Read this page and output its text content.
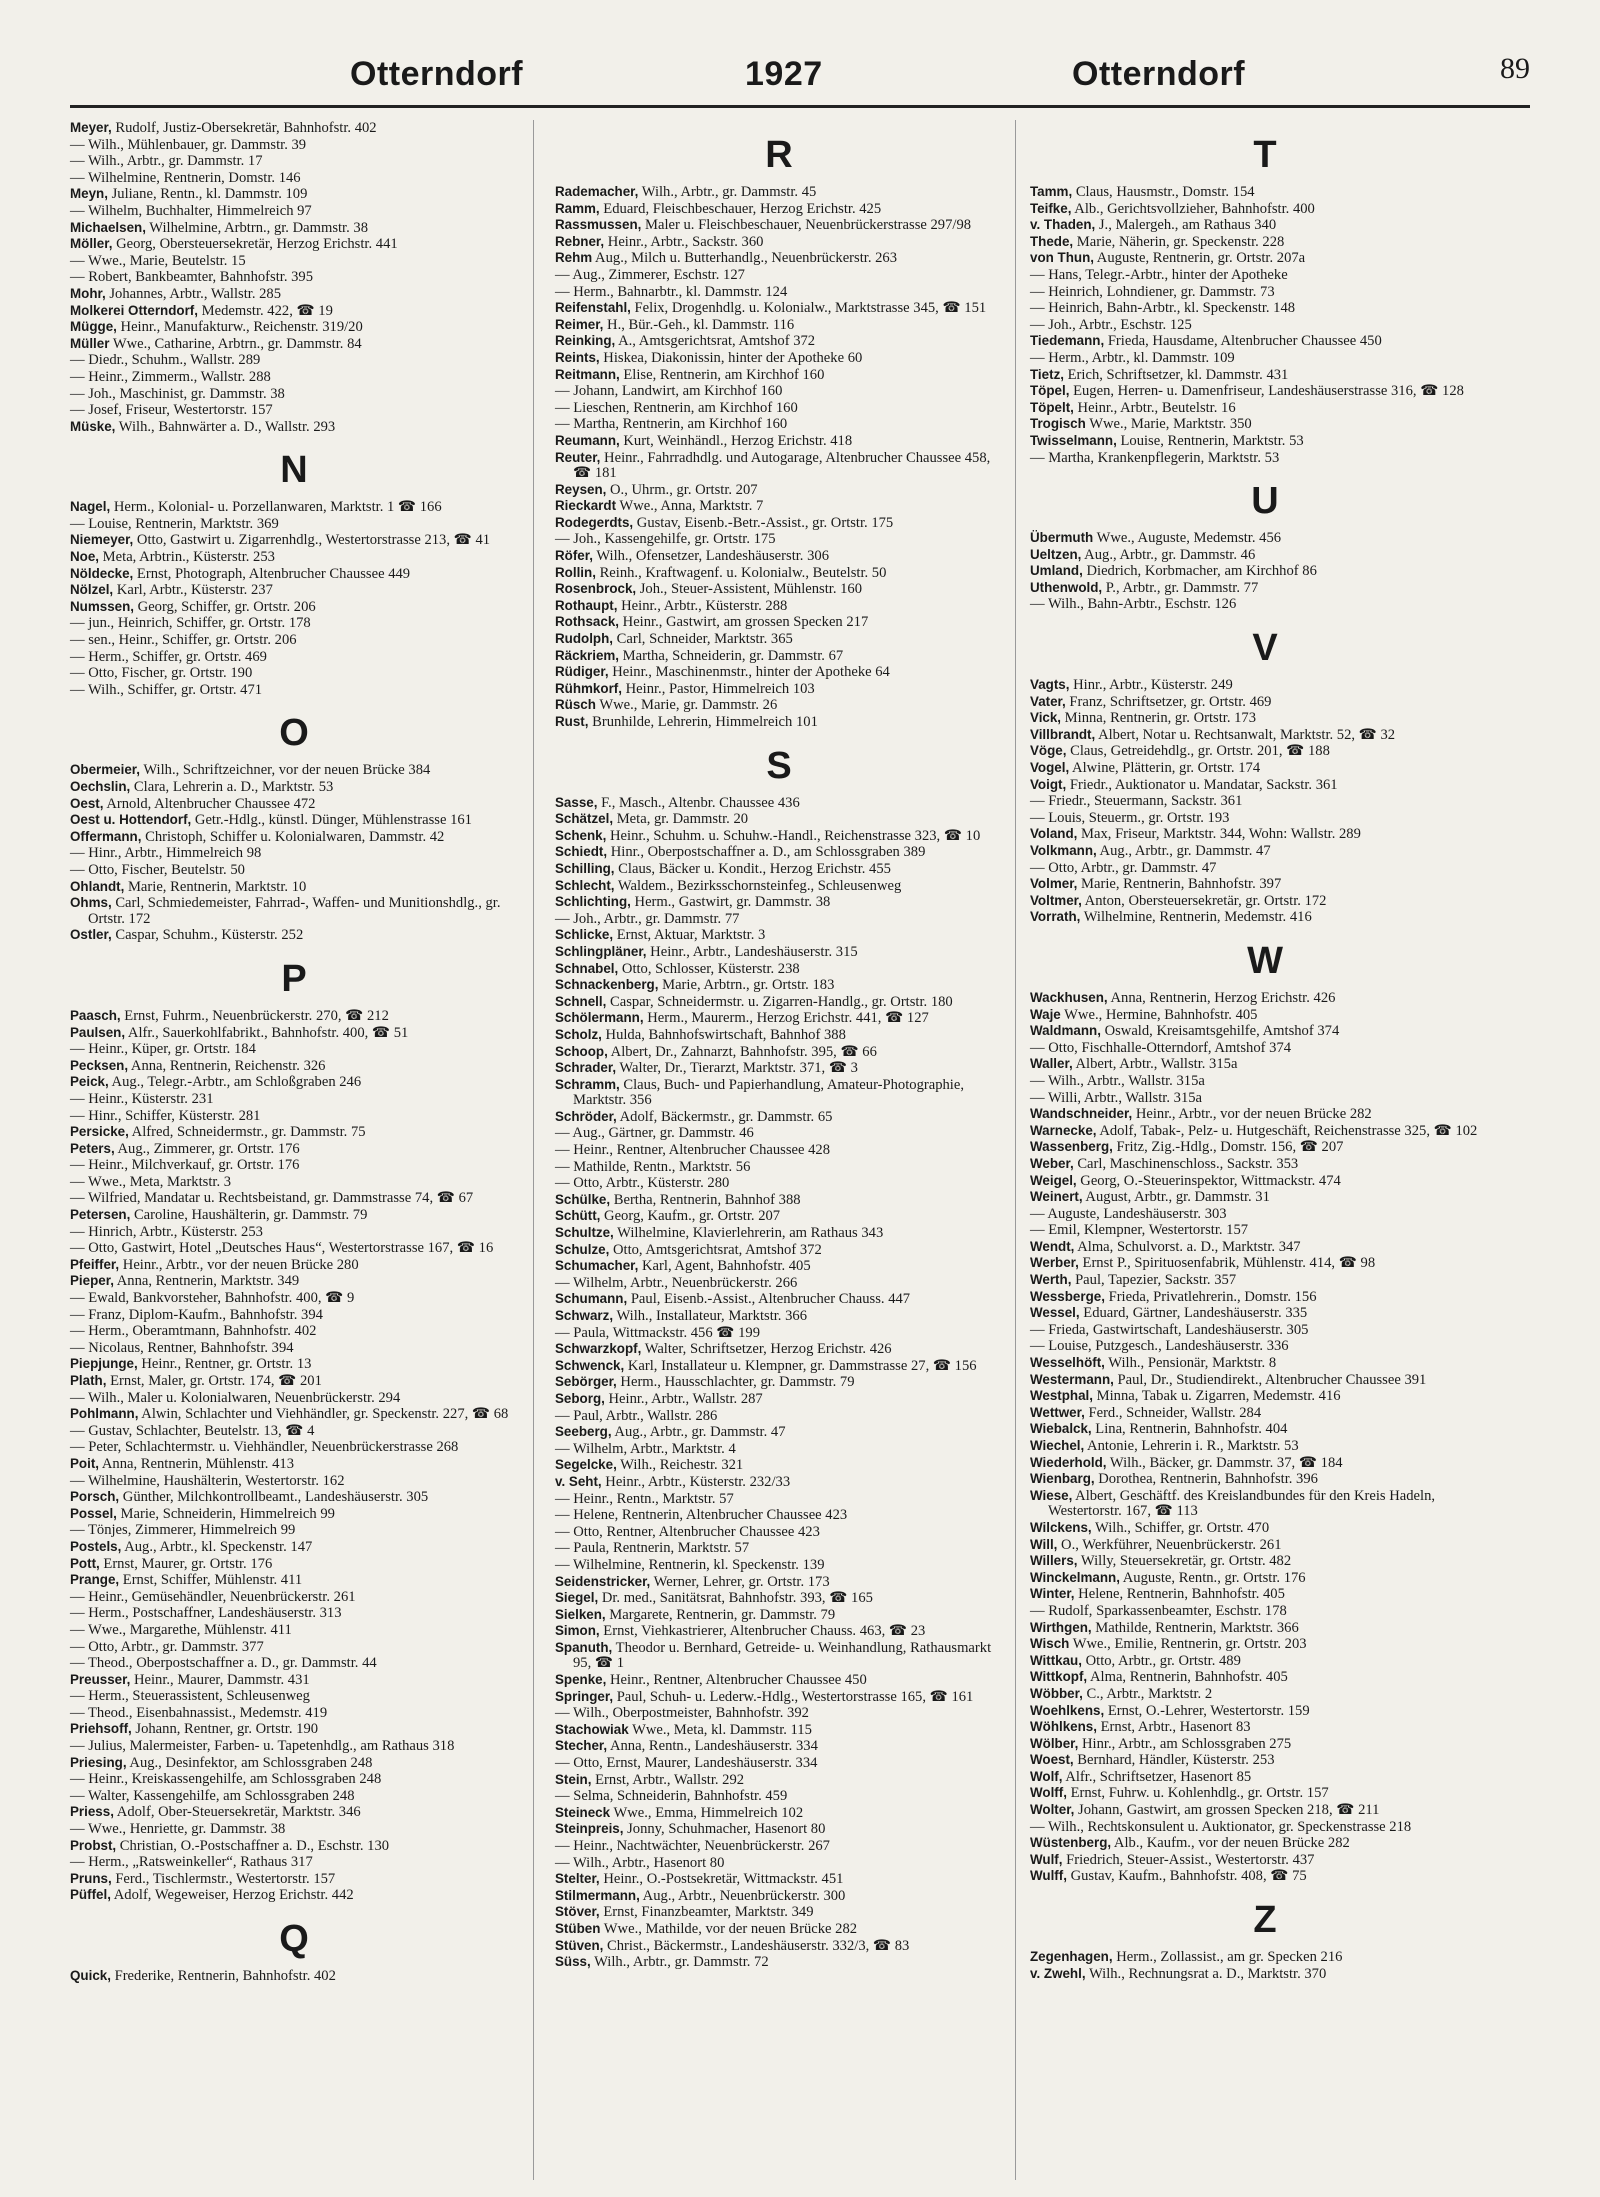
Otterndorf	1927	Otterndorf	89
Meyer, Rudolf, Justiz-Obersekretär, Bahnhofstr. 402
— Wilh., Mühlenbauer, gr. Dammstr. 39
— Wilh., Arbtr., gr. Dammstr. 17
— Wilhelmine, Rentnerin, Domstr. 146
Meyn, Juliane, Rentn., kl. Dammstr. 109
— Wilhelm, Buchhalter, Himmelreich 97
Michaelsen, Wilhelmine, Arbtrn., gr. Dammstr. 38
Möller, Georg, Obersteuersekretär, Herzog Erichstr. 441
— Wwe., Marie, Beutelstr. 15
— Robert, Bankbeamter, Bahnhofstr. 395
Mohr, Johannes, Arbtr., Wallstr. 285
Molkerei Otterndorf, Medemstr. 422, ☎ 19
Mügge, Heinr., Manufakturw., Reichenstr. 319/20
Müller Wwe., Catharine, Arbtrn., gr. Dammstr. 84
— Diedr., Schuhm., Wallstr. 289
— Heinr., Zimmerm., Wallstr. 288
— Joh., Maschinist, gr. Dammstr. 38
— Josef, Friseur, Westertorstr. 157
Müske, Wilh., Bahnwärter a. D., Wallstr. 293
N
Nagel, Herm., Kolonial- u. Porzellanwaren, Marktstr. 1 ☎ 166
— Louise, Rentnerin, Marktstr. 369
Niemeyer, Otto, Gastwirt u. Zigarrenhdlg., Westertorstrasse 213, ☎ 41
Noe, Meta, Arbtrin., Küsterstr. 253
Nöldecke, Ernst, Photograph, Altenbrucher Chaussee 449
Nölzel, Karl, Arbtr., Küsterstr. 237
Numssen, Georg, Schiffer, gr. Ortstr. 206
— jun., Heinrich, Schiffer, gr. Ortstr. 178
— sen., Heinr., Schiffer, gr. Ortstr. 206
— Herm., Schiffer, gr. Ortstr. 469
— Otto, Fischer, gr. Ortstr. 190
— Wilh., Schiffer, gr. Ortstr. 471
O
Obermeier, Wilh., Schriftzeichner, vor der neuen Brücke 384
Oechslin, Clara, Lehrerin a. D., Marktstr. 53
Oest, Arnold, Altenbrucher Chaussee 472
Oest u. Hottendorf, Getr.-Hdlg., künstl. Dünger, Mühlenstrasse 161
Offermann, Christoph, Schiffer u. Kolonialwaren, Dammstr. 42
— Hinr., Arbtr., Himmelreich 98
— Otto, Fischer, Beutelstr. 50
Ohlandt, Marie, Rentnerin, Marktstr. 10
Ohms, Carl, Schmiedemeister, Fahrrad-, Waffen- und Munitionshdlg., gr. Ortstr. 172
Ostler, Caspar, Schuhm., Küsterstr. 252
P
Paasch, Ernst, Fuhrm., Neuenbrückerstr. 270, ☎ 212
Paulsen, Alfr., Sauerkohlfabrikt., Bahnhofstr. 400, ☎ 51
— Heinr., Küper, gr. Ortstr. 184
Pecksen, Anna, Rentnerin, Reichenstr. 326
Peick, Aug., Telegr.-Arbtr., am Schloßgraben 246
— Heinr., Küsterstr. 231
— Hinr., Schiffer, Küsterstr. 281
Persicke, Alfred, Schneidermstr., gr. Dammstr. 75
Peters, Aug., Zimmerer, gr. Ortstr. 176
— Heinr., Milchverkauf, gr. Ortstr. 176
— Wwe., Meta, Marktstr. 3
— Wilfried, Mandatar u. Rechtsbeistand, gr. Dammstrasse 74, ☎ 67
Petersen, Caroline, Haushälterin, gr. Dammstr. 79
— Hinrich, Arbtr., Küsterstr. 253
— Otto, Gastwirt, Hotel „Deutsches Haus“, Westertorstrasse 167, ☎ 16
Pfeiffer, Heinr., Arbtr., vor der neuen Brücke 280
Pieper, Anna, Rentnerin, Marktstr. 349
— Ewald, Bankvorsteher, Bahnhofstr. 400, ☎ 9
— Franz, Diplom-Kaufm., Bahnhofstr. 394
— Herm., Oberamtmann, Bahnhofstr. 402
— Nicolaus, Rentner, Bahnhofstr. 394
Piepjunge, Heinr., Rentner, gr. Ortstr. 13
Plath, Ernst, Maler, gr. Ortstr. 174, ☎ 201
— Wilh., Maler u. Kolonialwaren, Neuenbrückerstr. 294
Pohlmann, Alwin, Schlachter und Viehhändler, gr. Speckenstr. 227, ☎ 68
— Gustav, Schlachter, Beutelstr. 13, ☎ 4
— Peter, Schlachtermstr. u. Viehhändler, Neuenbrückerstrasse 268
Poit, Anna, Rentnerin, Mühlenstr. 413
— Wilhelmine, Haushälterin, Westertorstr. 162
Porsch, Günther, Milchkontrollbeamt., Landeshäuserstr. 305
Possel, Marie, Schneiderin, Himmelreich 99
— Tönjes, Zimmerer, Himmelreich 99
Postels, Aug., Arbtr., kl. Speckenstr. 147
Pott, Ernst, Maurer, gr. Ortstr. 176
Prange, Ernst, Schiffer, Mühlenstr. 411
— Heinr., Gemüsehändler, Neuenbrückerstr. 261
— Herm., Postschaffner, Landeshäuserstr. 313
— Wwe., Margarethe, Mühlenstr. 411
— Otto, Arbtr., gr. Dammstr. 377
— Theod., Oberpostschaffner a. D., gr. Dammstr. 44
Preusser, Heinr., Maurer, Dammstr. 431
— Herm., Steuerassistent, Schleusenweg
— Theod., Eisenbahnassist., Medemstr. 419
Priehsoff, Johann, Rentner, gr. Ortstr. 190
— Julius, Malermeister, Farben- u. Tapetenhdlg., am Rathaus 318
Priesing, Aug., Desinfektor, am Schlossgraben 248
— Heinr., Kreiskassengehilfe, am Schlossgraben 248
— Walter, Kassengehilfe, am Schlossgraben 248
Priess, Adolf, Ober-Steuersekretär, Marktstr. 346
— Wwe., Henriette, gr. Dammstr. 38
Probst, Christian, O.-Postschaffner a. D., Eschstr. 130
— Herm., „Ratsweinkeller“, Rathaus 317
Pruns, Ferd., Tischlermstr., Westertorstr. 157
Püffel, Adolf, Wegeweiser, Herzog Erichstr. 442
Q
Quick, Frederike, Rentnerin, Bahnhofstr. 402
R
Rademacher, Wilh., Arbtr., gr. Dammstr. 45
Ramm, Eduard, Fleischbeschauer, Herzog Erichstr. 425
Rassmussen, Maler u. Fleischbeschauer, Neuenbrückerstrasse 297/98
Rebner, Heinr., Arbtr., Sackstr. 360
Rehm Aug., Milch u. Butterhandlg., Neuenbrückerstr. 263
— Aug., Zimmerer, Eschstr. 127
— Herm., Bahnarbtr., kl. Dammstr. 124
Reifenstahl, Felix, Drogenhdlg. u. Kolonialw., Marktstrasse 345, ☎ 151
Reimer, H., Bür.-Geh., kl. Dammstr. 116
Reinking, A., Amtsgerichtsrat, Amtshof 372
Reints, Hiskea, Diakonissin, hinter der Apotheke 60
Reitmann, Elise, Rentnerin, am Kirchhof 160
— Johann, Landwirt, am Kirchhof 160
— Lieschen, Rentnerin, am Kirchhof 160
— Martha, Rentnerin, am Kirchhof 160
Reumann, Kurt, Weinhändl., Herzog Erichstr. 418
Reuter, Heinr., Fahrradhdlg. und Autogarage, Altenbrucher Chaussee 458, ☎ 181
Reysen, O., Uhrm., gr. Ortstr. 207
Rieckardt Wwe., Anna, Marktstr. 7
Rodegerdts, Gustav, Eisenb.-Betr.-Assist., gr. Ortstr. 175
— Joh., Kassengehilfe, gr. Ortstr. 175
Röfer, Wilh., Ofensetzer, Landeshäuserstr. 306
Rollin, Reinh., Kraftwagenf. u. Kolonialw., Beutelstr. 50
Rosenbrock, Joh., Steuer-Assistent, Mühlenstr. 160
Rothaupt, Heinr., Arbtr., Küsterstr. 288
Rothsack, Heinr., Gastwirt, am grossen Specken 217
Rudolph, Carl, Schneider, Marktstr. 365
Räckriem, Martha, Schneiderin, gr. Dammstr. 67
Rüdiger, Heinr., Maschinenmstr., hinter der Apotheke 64
Rühmkorf, Heinr., Pastor, Himmelreich 103
Rüsch Wwe., Marie, gr. Dammstr. 26
Rust, Brunhilde, Lehrerin, Himmelreich 101
S
Sasse, F., Masch., Altenbr. Chaussee 436
Schätzel, Meta, gr. Dammstr. 20
Schenk, Heinr., Schuhm. u. Schuhw.-Handl., Reichenstrasse 323, ☎ 10
Schiedt, Hinr., Oberpostschaffner a. D., am Schlossgraben 389
Schilling, Claus, Bäcker u. Kondit., Herzog Erichstr. 455
Schlecht, Waldem., Bezirksschornsteinfeg., Schleusenweg
Schlichting, Herm., Gastwirt, gr. Dammstr. 38
— Joh., Arbtr., gr. Dammstr. 77
Schlicke, Ernst, Aktuar, Marktstr. 3
Schlingpläner, Heinr., Arbtr., Landeshäuserstr. 315
Schnabel, Otto, Schlosser, Küsterstr. 238
Schnackenberg, Marie, Arbtrn., gr. Ortstr. 183
Schnell, Caspar, Schneidermstr. u. Zigarren-Handlg., gr. Ortstr. 180
Schölermann, Herm., Maurerm., Herzog Erichstr. 441, ☎ 127
Scholz, Hulda, Bahnhofswirtschaft, Bahnhof 388
Schoop, Albert, Dr., Zahnarzt, Bahnhofstr. 395, ☎ 66
Schrader, Walter, Dr., Tierarzt, Marktstr. 371, ☎ 3
Schramm, Claus, Buch- und Papierhandlung, Amateur-Photographie, Marktstr. 356
Schröder, Adolf, Bäckermstr., gr. Dammstr. 65
— Aug., Gärtner, gr. Dammstr. 46
— Heinr., Rentner, Altenbrucher Chaussee 428
— Mathilde, Rentn., Marktstr. 56
— Otto, Arbtr., Küsterstr. 280
Schülke, Bertha, Rentnerin, Bahnhof 388
Schütt, Georg, Kaufm., gr. Ortstr. 207
Schultze, Wilhelmine, Klavierlehrerin, am Rathaus 343
Schulze, Otto, Amtsgerichtsrat, Amtshof 372
Schumacher, Karl, Agent, Bahnhofstr. 405
— Wilhelm, Arbtr., Neuenbrückerstr. 266
Schumann, Paul, Eisenb.-Assist., Altenbrucher Chauss. 447
Schwarz, Wilh., Installateur, Marktstr. 366
— Paula, Wittmackstr. 456 ☎ 199
Schwarzkopf, Walter, Schriftsetzer, Herzog Erichstr. 426
Schwenck, Karl, Installateur u. Klempner, gr. Dammstrasse 27, ☎ 156
Sebörger, Herm., Hausschlachter, gr. Dammstr. 79
Seborg, Heinr., Arbtr., Wallstr. 287
— Paul, Arbtr., Wallstr. 286
Seeberg, Aug., Arbtr., gr. Dammstr. 47
— Wilhelm, Arbtr., Marktstr. 4
Segelcke, Wilh., Reichestr. 321
v. Seht, Heinr., Arbtr., Küsterstr. 232/33
— Heinr., Rentn., Marktstr. 57
— Helene, Rentnerin, Altenbrucher Chaussee 423
— Otto, Rentner, Altenbrucher Chaussee 423
— Paula, Rentnerin, Marktstr. 57
— Wilhelmine, Rentnerin, kl. Speckenstr. 139
Seidenstricker, Werner, Lehrer, gr. Ortstr. 173
Siegel, Dr. med., Sanitätsrat, Bahnhofstr. 393, ☎ 165
Sielken, Margarete, Rentnerin, gr. Dammstr. 79
Simon, Ernst, Viehkastrierer, Altenbrucher Chauss. 463, ☎ 23
Spanuth, Theodor u. Bernhard, Getreide- u. Weinhandlung, Rathausmarkt 95, ☎ 1
Spenke, Heinr., Rentner, Altenbrucher Chaussee 450
Springer, Paul, Schuh- u. Lederw.-Hdlg., Westertorstrasse 165, ☎ 161
— Wilh., Oberpostmeister, Bahnhofstr. 392
Stachowiak Wwe., Meta, kl. Dammstr. 115
Stecher, Anna, Rentn., Landeshäuserstr. 334
— Otto, Ernst, Maurer, Landeshäuserstr. 334
Stein, Ernst, Arbtr., Wallstr. 292
— Selma, Schneiderin, Bahnhofstr. 459
Steineck Wwe., Emma, Himmelreich 102
Steinpreis, Jonny, Schuhmacher, Hasenort 80
— Heinr., Nachtwächter, Neuenbrückerstr. 267
— Wilh., Arbtr., Hasenort 80
Stelter, Heinr., O.-Postsekretär, Wittmackstr. 451
Stilmermann, Aug., Arbtr., Neuenbrückerstr. 300
Stöver, Ernst, Finanzbeamter, Marktstr. 349
Stüben Wwe., Mathilde, vor der neuen Brücke 282
Stüven, Christ., Bäckermstr., Landeshäuserstr. 332/3, ☎ 83
Süss, Wilh., Arbtr., gr. Dammstr. 72
T
Tamm, Claus, Hausmstr., Domstr. 154
Teifke, Alb., Gerichtsvollzieher, Bahnhofstr. 400
v. Thaden, J., Malergeh., am Rathaus 340
Thede, Marie, Näherin, gr. Speckenstr. 228
von Thun, Auguste, Rentnerin, gr. Ortstr. 207a
— Hans, Telegr.-Arbtr., hinter der Apotheke
— Heinrich, Lohndiener, gr. Dammstr. 73
— Heinrich, Bahn-Arbtr., kl. Speckenstr. 148
— Joh., Arbtr., Eschstr. 125
Tiedemann, Frieda, Hausdame, Altenbrucher Chaussee 450
— Herm., Arbtr., kl. Dammstr. 109
Tietz, Erich, Schriftsetzer, kl. Dammstr. 431
Töpel, Eugen, Herren- u. Damenfriseur, Landeshäuserstrasse 316, ☎ 128
Töpelt, Heinr., Arbtr., Beutelstr. 16
Trogisch Wwe., Marie, Marktstr. 350
Twisselmann, Louise, Rentnerin, Marktstr. 53
— Martha, Krankenpflegerin, Marktstr. 53
U
Übermuth Wwe., Auguste, Medemstr. 456
Ueltzen, Aug., Arbtr., gr. Dammstr. 46
Umland, Diedrich, Korbmacher, am Kirchhof 86
Uthenwold, P., Arbtr., gr. Dammstr. 77
— Wilh., Bahn-Arbtr., Eschstr. 126
V
Vagts, Hinr., Arbtr., Küsterstr. 249
Vater, Franz, Schriftsetzer, gr. Ortstr. 469
Vick, Minna, Rentnerin, gr. Ortstr. 173
Villbrandt, Albert, Notar u. Rechtsanwalt, Marktstr. 52, ☎ 32
Vöge, Claus, Getreidehdlg., gr. Ortstr. 201, ☎ 188
Vogel, Alwine, Plätterin, gr. Ortstr. 174
Voigt, Friedr., Auktionator u. Mandatar, Sackstr. 361
— Friedr., Steuermann, Sackstr. 361
— Louis, Steuerm., gr. Ortstr. 193
Voland, Max, Friseur, Marktstr. 344, Wohn: Wallstr. 289
Volkmann, Aug., Arbtr., gr. Dammstr. 47
— Otto, Arbtr., gr. Dammstr. 47
Volmer, Marie, Rentnerin, Bahnhofstr. 397
Voltmer, Anton, Obersteuersekretär, gr. Ortstr. 172
Vorrath, Wilhelmine, Rentnerin, Medemstr. 416
W
Wackhusen, Anna, Rentnerin, Herzog Erichstr. 426
Waje Wwe., Hermine, Bahnhofstr. 405
Waldmann, Oswald, Kreisamtsgehilfe, Amtshof 374
— Otto, Fischhalle-Otterndorf, Amtshof 374
Waller, Albert, Arbtr., Wallstr. 315a
— Wilh., Arbtr., Wallstr. 315a
— Willi, Arbtr., Wallstr. 315a
Wandschneider, Heinr., Arbtr., vor der neuen Brücke 282
Warnecke, Adolf, Tabak-, Pelz- u. Hutgeschäft, Reichenstrasse 325, ☎ 102
Wassenberg, Fritz, Zig.-Hdlg., Domstr. 156, ☎ 207
Weber, Carl, Maschinenschloss., Sackstr. 353
Weigel, Georg, O.-Steuerinspektor, Wittmackstr. 474
Weinert, August, Arbtr., gr. Dammstr. 31
— Auguste, Landeshäuserstr. 303
— Emil, Klempner, Westertorstr. 157
Wendt, Alma, Schulvorst. a. D., Marktstr. 347
Werber, Ernst P., Spirituosenfabrik, Mühlenstr. 414, ☎ 98
Werth, Paul, Tapezier, Sackstr. 357
Wessberge, Frieda, Privatlehrerin., Domstr. 156
Wessel, Eduard, Gärtner, Landeshäuserstr. 335
— Frieda, Gastwirtschaft, Landeshäuserstr. 305
— Louise, Putzgesch., Landeshäuserstr. 336
Wesselhöft, Wilh., Pensionär, Marktstr. 8
Westermann, Paul, Dr., Studiendirekt., Altenbrucher Chaussee 391
Westphal, Minna, Tabak u. Zigarren, Medemstr. 416
Wettwer, Ferd., Schneider, Wallstr. 284
Wiebalck, Lina, Rentnerin, Bahnhofstr. 404
Wiechel, Antonie, Lehrerin i. R., Marktstr. 53
Wiederhold, Wilh., Bäcker, gr. Dammstr. 37, ☎ 184
Wienbarg, Dorothea, Rentnerin, Bahnhofstr. 396
Wiese, Albert, Geschäftf. des Kreislandbundes für den Kreis Hadeln, Westertorstr. 167, ☎ 113
Wilckens, Wilh., Schiffer, gr. Ortstr. 470
Will, O., Werkführer, Neuenbrückerstr. 261
Willers, Willy, Steuersekretär, gr. Ortstr. 482
Winckelmann, Auguste, Rentn., gr. Ortstr. 176
Winter, Helene, Rentnerin, Bahnhofstr. 405
— Rudolf, Sparkassenbeamter, Eschstr. 178
Wirthgen, Mathilde, Rentnerin, Marktstr. 366
Wisch Wwe., Emilie, Rentnerin, gr. Ortstr. 203
Wittkau, Otto, Arbtr., gr. Ortstr. 489
Wittkopf, Alma, Rentnerin, Bahnhofstr. 405
Wöbber, C., Arbtr., Marktstr. 2
Woehlkens, Ernst, O.-Lehrer, Westertorstr. 159
Wöhlkens, Ernst, Arbtr., Hasenort 83
Wölber, Hinr., Arbtr., am Schlossgraben 275
Woest, Bernhard, Händler, Küsterstr. 253
Wolf, Alfr., Schriftsetzer, Hasenort 85
Wolff, Ernst, Fuhrw. u. Kohlenhdlg., gr. Ortstr. 157
Wolter, Johann, Gastwirt, am grossen Specken 218, ☎ 211
— Wilh., Rechtskonsulent u. Auktionator, gr. Speckenstrasse 218
Wüstenberg, Alb., Kaufm., vor der neuen Brücke 282
Wulf, Friedrich, Steuer-Assist., Westertorstr. 437
Wulff, Gustav, Kaufm., Bahnhofstr. 408, ☎ 75
Z
Zegenhagen, Herm., Zollassist., am gr. Specken 216
v. Zwehl, Wilh., Rechnungsrat a. D., Marktstr. 370
